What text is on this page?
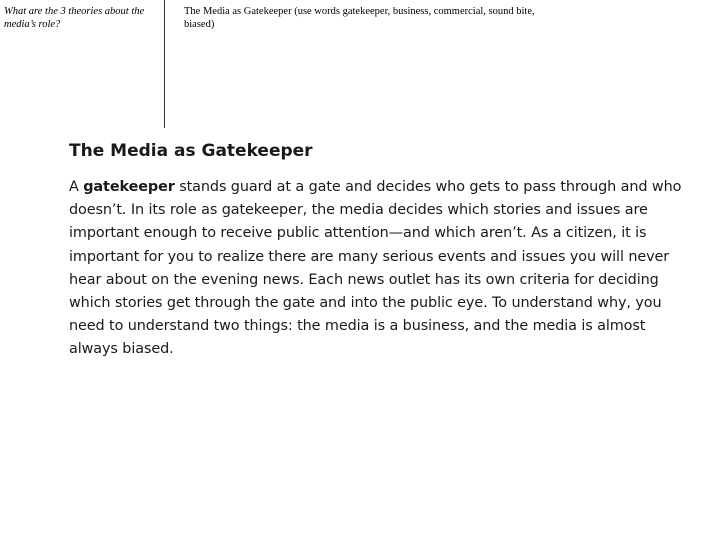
What are the 3 theories about the media’s role?
The Media as Gatekeeper (use words gatekeeper, business, commercial, sound bite, biased)
The Media as Gatekeeper

A gatekeeper stands guard at a gate and decides who gets to pass through and who doesn’t. In its role as gatekeeper, the media decides which stories and issues are important enough to receive public attention—and which aren’t. As a citizen, it is important for you to realize there are many serious events and issues you will never hear about on the evening news. Each news outlet has its own criteria for deciding which stories get through the gate and into the public eye. To understand why, you need to understand two things: the media is a business, and the media is almost always biased.
